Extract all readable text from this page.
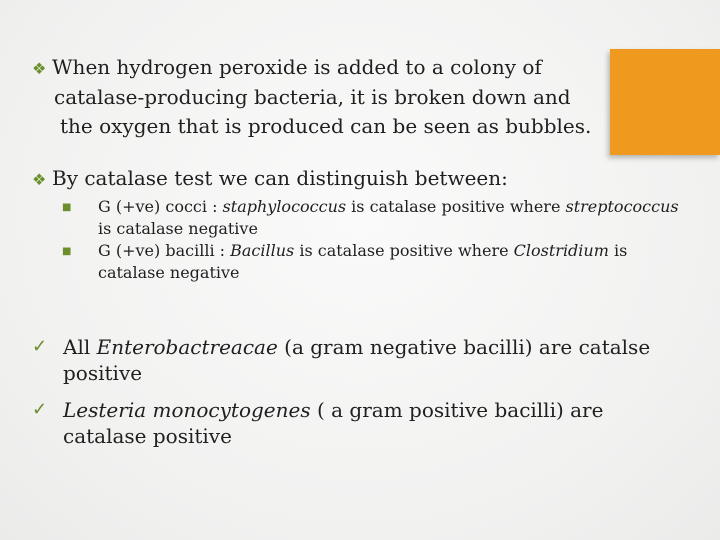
❖ When hydrogen peroxide is added to a colony of
catalase-producing bacteria, it is broken down and
the oxygen that is produced can be seen as bubbles.
❖ By catalase test we can distinguish between:
■ G (+ve) cocci : staphylococcus is catalase positive where streptococcus is catalase negative
■ G (+ve) bacilli : Bacillus is catalase positive where Clostridium is catalase negative
✓ All Enterobactreacae (a gram negative bacilli) are catalse positive
✓ Lesteria monocytogenes ( a gram positive bacilli) are catalase positive
